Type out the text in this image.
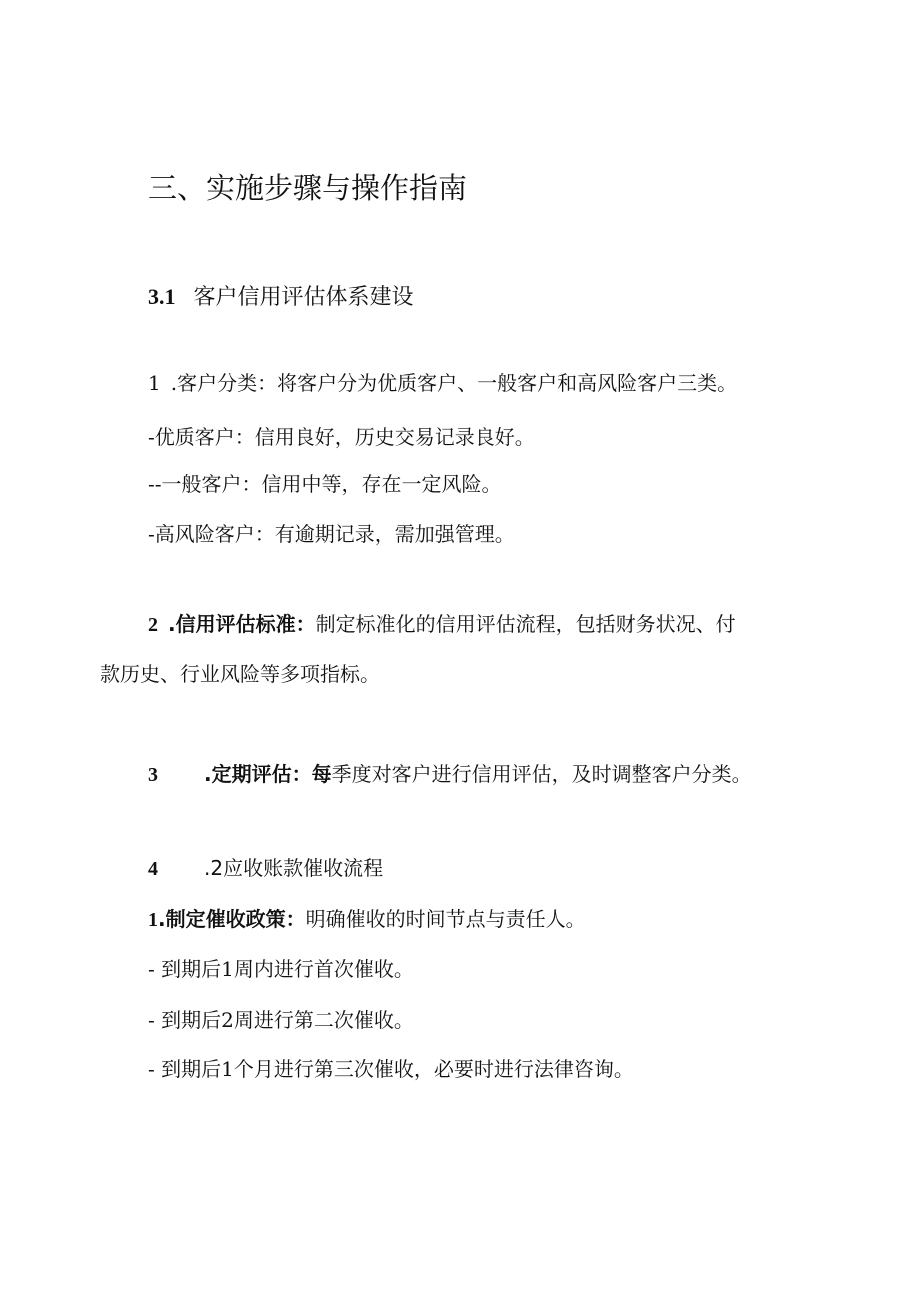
三、实施步骤与操作指南
3.1 客户信用评估体系建设
1 .客户分类：将客户分为优质客户、一般客户和高风险客户三类。
-优质客户：信用良好，历史交易记录良好。
--一般客户：信用中等，存在一定风险。
-高风险客户：有逾期记录，需加强管理。
2 .信用评估标准：制定标准化的信用评估流程，包括财务状况、付
款历史、行业风险等多项指标。
3 .定期评估：每季度对客户进行信用评估，及时调整客户分类。
4 .2应收账款催收流程
1.制定催收政策：明确催收的时间节点与责任人。
- 到期后1周内进行首次催收。
- 到期后2周进行第二次催收。
- 到期后1个月进行第三次催收，必要时进行法律咨询。
